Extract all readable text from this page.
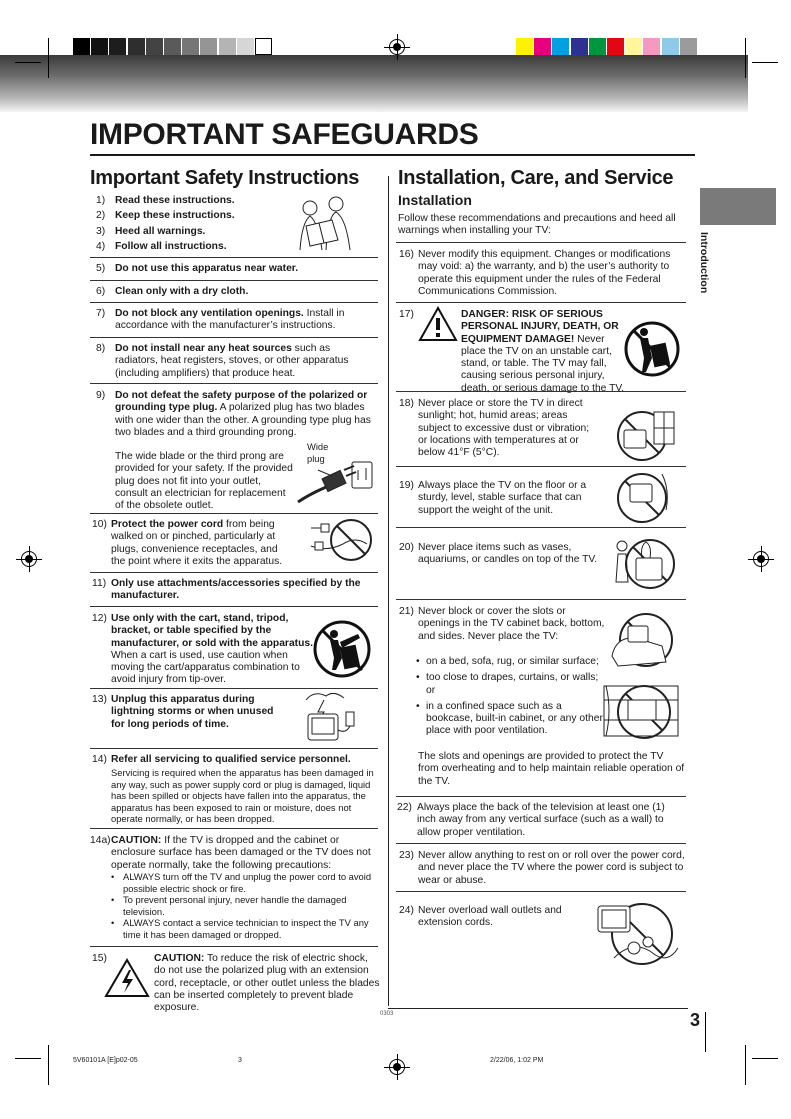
IMPORTANT SAFEGUARDS
Introduction
Important Safety Instructions
1) Read these instructions.
2) Keep these instructions.
3) Heed all warnings.
4) Follow all instructions.
5) Do not use this apparatus near water.
6) Clean only with a dry cloth.
7) Do not block any ventilation openings. Install in accordance with the manufacturer’s instructions.
8) Do not install near any heat sources such as radiators, heat registers, stoves, or other apparatus (including amplifiers) that produce heat.
9) Do not defeat the safety purpose of the polarized or grounding type plug. A polarized plug has two blades with one wider than the other. A grounding type plug has two blades and a third grounding prong.
The wide blade or the third prong are provided for your safety. If the provided plug does not fit into your outlet, consult an electrician for replacement of the obsolete outlet.
Wide plug
10) Protect the power cord from being walked on or pinched, particularly at plugs, convenience receptacles, and the point where it exits the apparatus.
11) Only use attachments/accessories specified by the manufacturer.
12) Use only with the cart, stand, tripod, bracket, or table specified by the manufacturer, or sold with the apparatus. When a cart is used, use caution when moving the cart/apparatus combination to avoid injury from tip-over.
13) Unplug this apparatus during lightning storms or when unused for long periods of time.
14) Refer all servicing to qualified service personnel.
Servicing is required when the apparatus has been damaged in any way, such as power supply cord or plug is damaged, liquid has been spilled or objects have fallen into the apparatus, the apparatus has been exposed to rain or moisture, does not operate normally, or has been dropped.
14a) CAUTION: If the TV is dropped and the cabinet or enclosure surface has been damaged or the TV does not operate normally, take the following precautions:
• ALWAYS turn off the TV and unplug the power cord to avoid possible electric shock or fire.
• To prevent personal injury, never handle the damaged television.
• ALWAYS contact a service technician to inspect the TV any time it has been damaged or dropped.
15)	CAUTION: To reduce the risk of electric shock, do not use the polarized plug with an extension cord, receptacle, or other outlet unless the blades can be inserted completely to prevent blade exposure.
Installation, Care, and Service
Installation
Follow these recommendations and precautions and heed all warnings when installing your TV:
16) Never modify this equipment. Changes or modifications may void: a) the warranty, and b) the user’s authority to operate this equipment under the rules of the Federal Communications Commission.
17)	DANGER: RISK OF SERIOUS PERSONAL INJURY, DEATH, OR EQUIPMENT DAMAGE! Never place the TV on an unstable cart, stand, or table. The TV may fall, causing serious personal injury, death, or serious damage to the TV.
18) Never place or store the TV in direct sunlight; hot, humid areas; areas subject to excessive dust or vibration; or locations with temperatures at or below 41°F (5°C).
19) Always place the TV on the floor or a sturdy, level, stable surface that can support the weight of the unit.
20) Never place items such as vases, aquariums, or candles on top of the TV.
21) Never block or cover the slots or openings in the TV cabinet back, bottom, and sides. Never place the TV:
• on a bed, sofa, rug, or similar surface;
• too close to drapes, curtains, or walls; or
• in a confined space such as a bookcase, built-in cabinet, or any other place with poor ventilation.
The slots and openings are provided to protect the TV from overheating and to help maintain reliable operation of the TV.
22) Always place the back of the television at least one (1) inch away from any vertical surface (such as a wall) to allow proper ventilation.
23) Never allow anything to rest on or roll over the power cord, and never place the TV where the power cord is subject to wear or abuse.
24) Never overload wall outlets and extension cords.
3
0303
5V60101A [E]p02-05	3	2/22/06, 1:02 PM
